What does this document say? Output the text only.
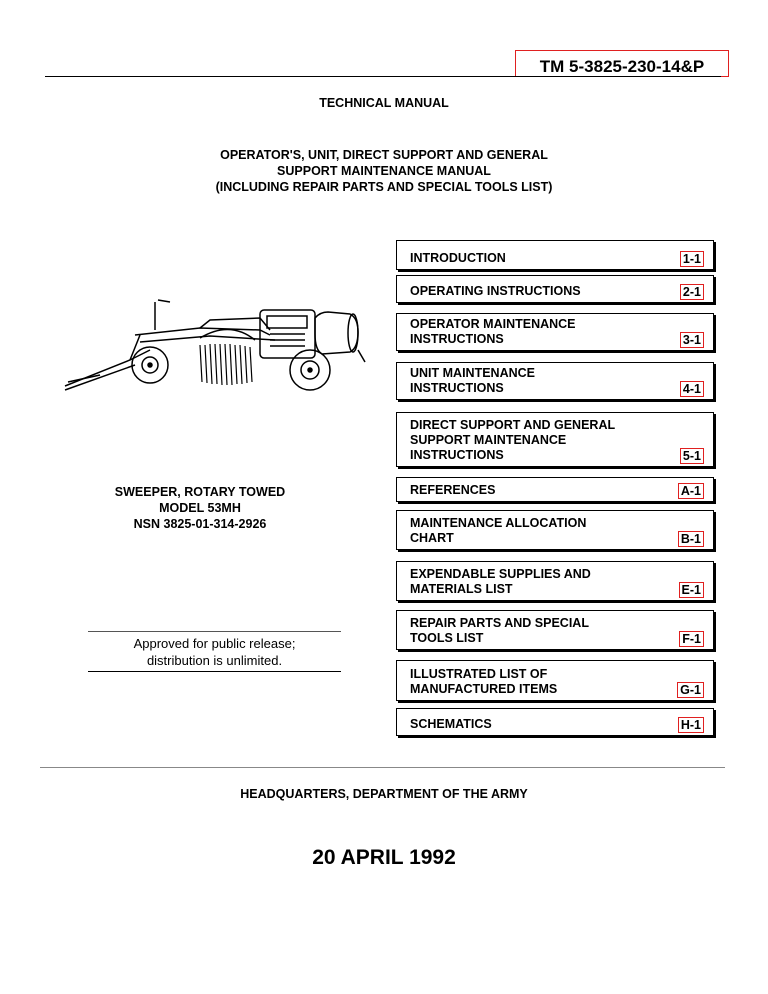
TM 5-3825-230-14&P
TECHNICAL MANUAL
OPERATOR'S, UNIT, DIRECT SUPPORT AND GENERAL
SUPPORT MAINTENANCE MANUAL
(INCLUDING REPAIR PARTS AND SPECIAL TOOLS LIST)
SWEEPER, ROTARY TOWED
MODEL 53MH
NSN 3825-01-314-2926
Approved for public release;
distribution is unlimited.
INTRODUCTION	1-1
OPERATING INSTRUCTIONS	2-1
OPERATOR MAINTENANCE
INSTRUCTIONS	3-1
UNIT MAINTENANCE
INSTRUCTIONS	4-1
DIRECT SUPPORT AND GENERAL
SUPPORT MAINTENANCE
INSTRUCTIONS	5-1
REFERENCES	A-1
MAINTENANCE ALLOCATION
CHART	B-1
EXPENDABLE SUPPLIES AND
MATERIALS LIST	E-1
REPAIR PARTS AND SPECIAL
TOOLS LIST	F-1
ILLUSTRATED LIST OF
MANUFACTURED ITEMS	G-1
SCHEMATICS	H-1
HEADQUARTERS, DEPARTMENT OF THE ARMY
20 APRIL 1992
